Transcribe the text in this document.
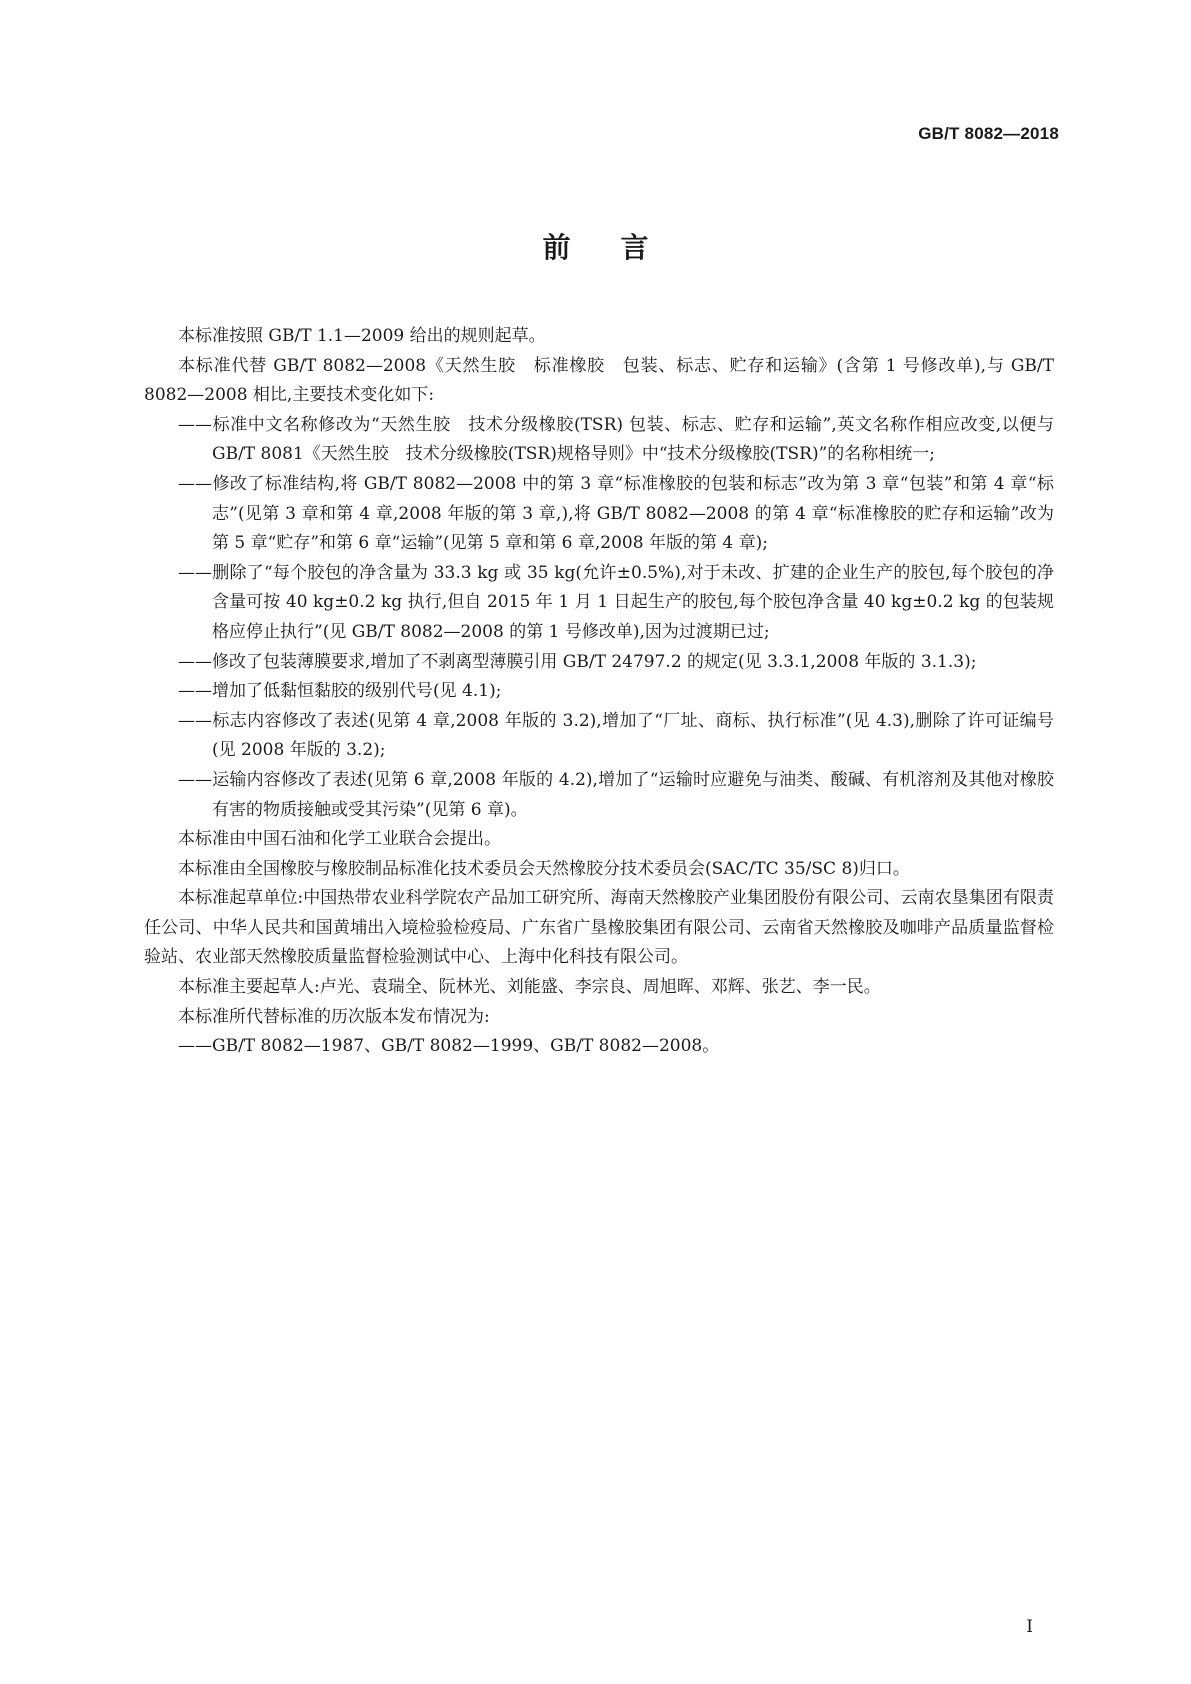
GB/T 8082—2018
前言

本标准按照 GB/T 1.1—2009 给出的规则起草。

本标准代替 GB/T 8082—2008《天然生胶　标准橡胶　包装、标志、贮存和运输》(含第 1 号修改单),与 GB/T 8082—2008 相比,主要技术变化如下:

——标准中文名称修改为“天然生胶　技术分级橡胶(TSR) 包装、标志、贮存和运输”,英文名称作相应改变,以便与 GB/T 8081《天然生胶　技术分级橡胶(TSR)规格导则》中“技术分级橡胶(TSR)”的名称相统一;

——修改了标准结构,将 GB/T 8082—2008 中的第 3 章“标准橡胶的包装和标志”改为第 3 章“包装”和第 4 章“标志”(见第 3 章和第 4 章,2008 年版的第 3 章,),将 GB/T 8082—2008 的第 4 章“标准橡胶的贮存和运输”改为第 5 章“贮存”和第 6 章“运输”(见第 5 章和第 6 章,2008 年版的第 4 章);

——删除了“每个胶包的净含量为 33.3 kg 或 35 kg(允许±0.5%),对于未改、扩建的企业生产的胶包,每个胶包的净含量可按 40 kg±0.2 kg 执行,但自 2015 年 1 月 1 日起生产的胶包,每个胶包净含量 40 kg±0.2 kg 的包装规格应停止执行”(见 GB/T 8082—2008 的第 1 号修改单),因为过渡期已过;

——修改了包装薄膜要求,增加了不剥离型薄膜引用 GB/T 24797.2 的规定(见 3.3.1,2008 年版的 3.1.3);

——增加了低黏恒黏胶的级别代号(见 4.1);

——标志内容修改了表述(见第 4 章,2008 年版的 3.2),增加了“厂址、商标、执行标准”(见 4.3),删除了许可证编号(见 2008 年版的 3.2);

——运输内容修改了表述(见第 6 章,2008 年版的 4.2),增加了“运输时应避免与油类、酸碱、有机溶剂及其他对橡胶有害的物质接触或受其污染”(见第 6 章)。

本标准由中国石油和化学工业联合会提出。

本标准由全国橡胶与橡胶制品标准化技术委员会天然橡胶分技术委员会(SAC/TC 35/SC 8)归口。

本标准起草单位:中国热带农业科学院农产品加工研究所、海南天然橡胶产业集团股份有限公司、云南农垦集团有限责任公司、中华人民共和国黄埔出入境检验检疫局、广东省广垦橡胶集团有限公司、云南省天然橡胶及咖啡产品质量监督检验站、农业部天然橡胶质量监督检验测试中心、上海中化科技有限公司。

本标准主要起草人:卢光、袁瑞全、阮林光、刘能盛、李宗良、周旭晖、邓辉、张艺、李一民。

本标准所代替标准的历次版本发布情况为:

——GB/T 8082—1987、GB/T 8082—1999、GB/T 8082—2008。

I
